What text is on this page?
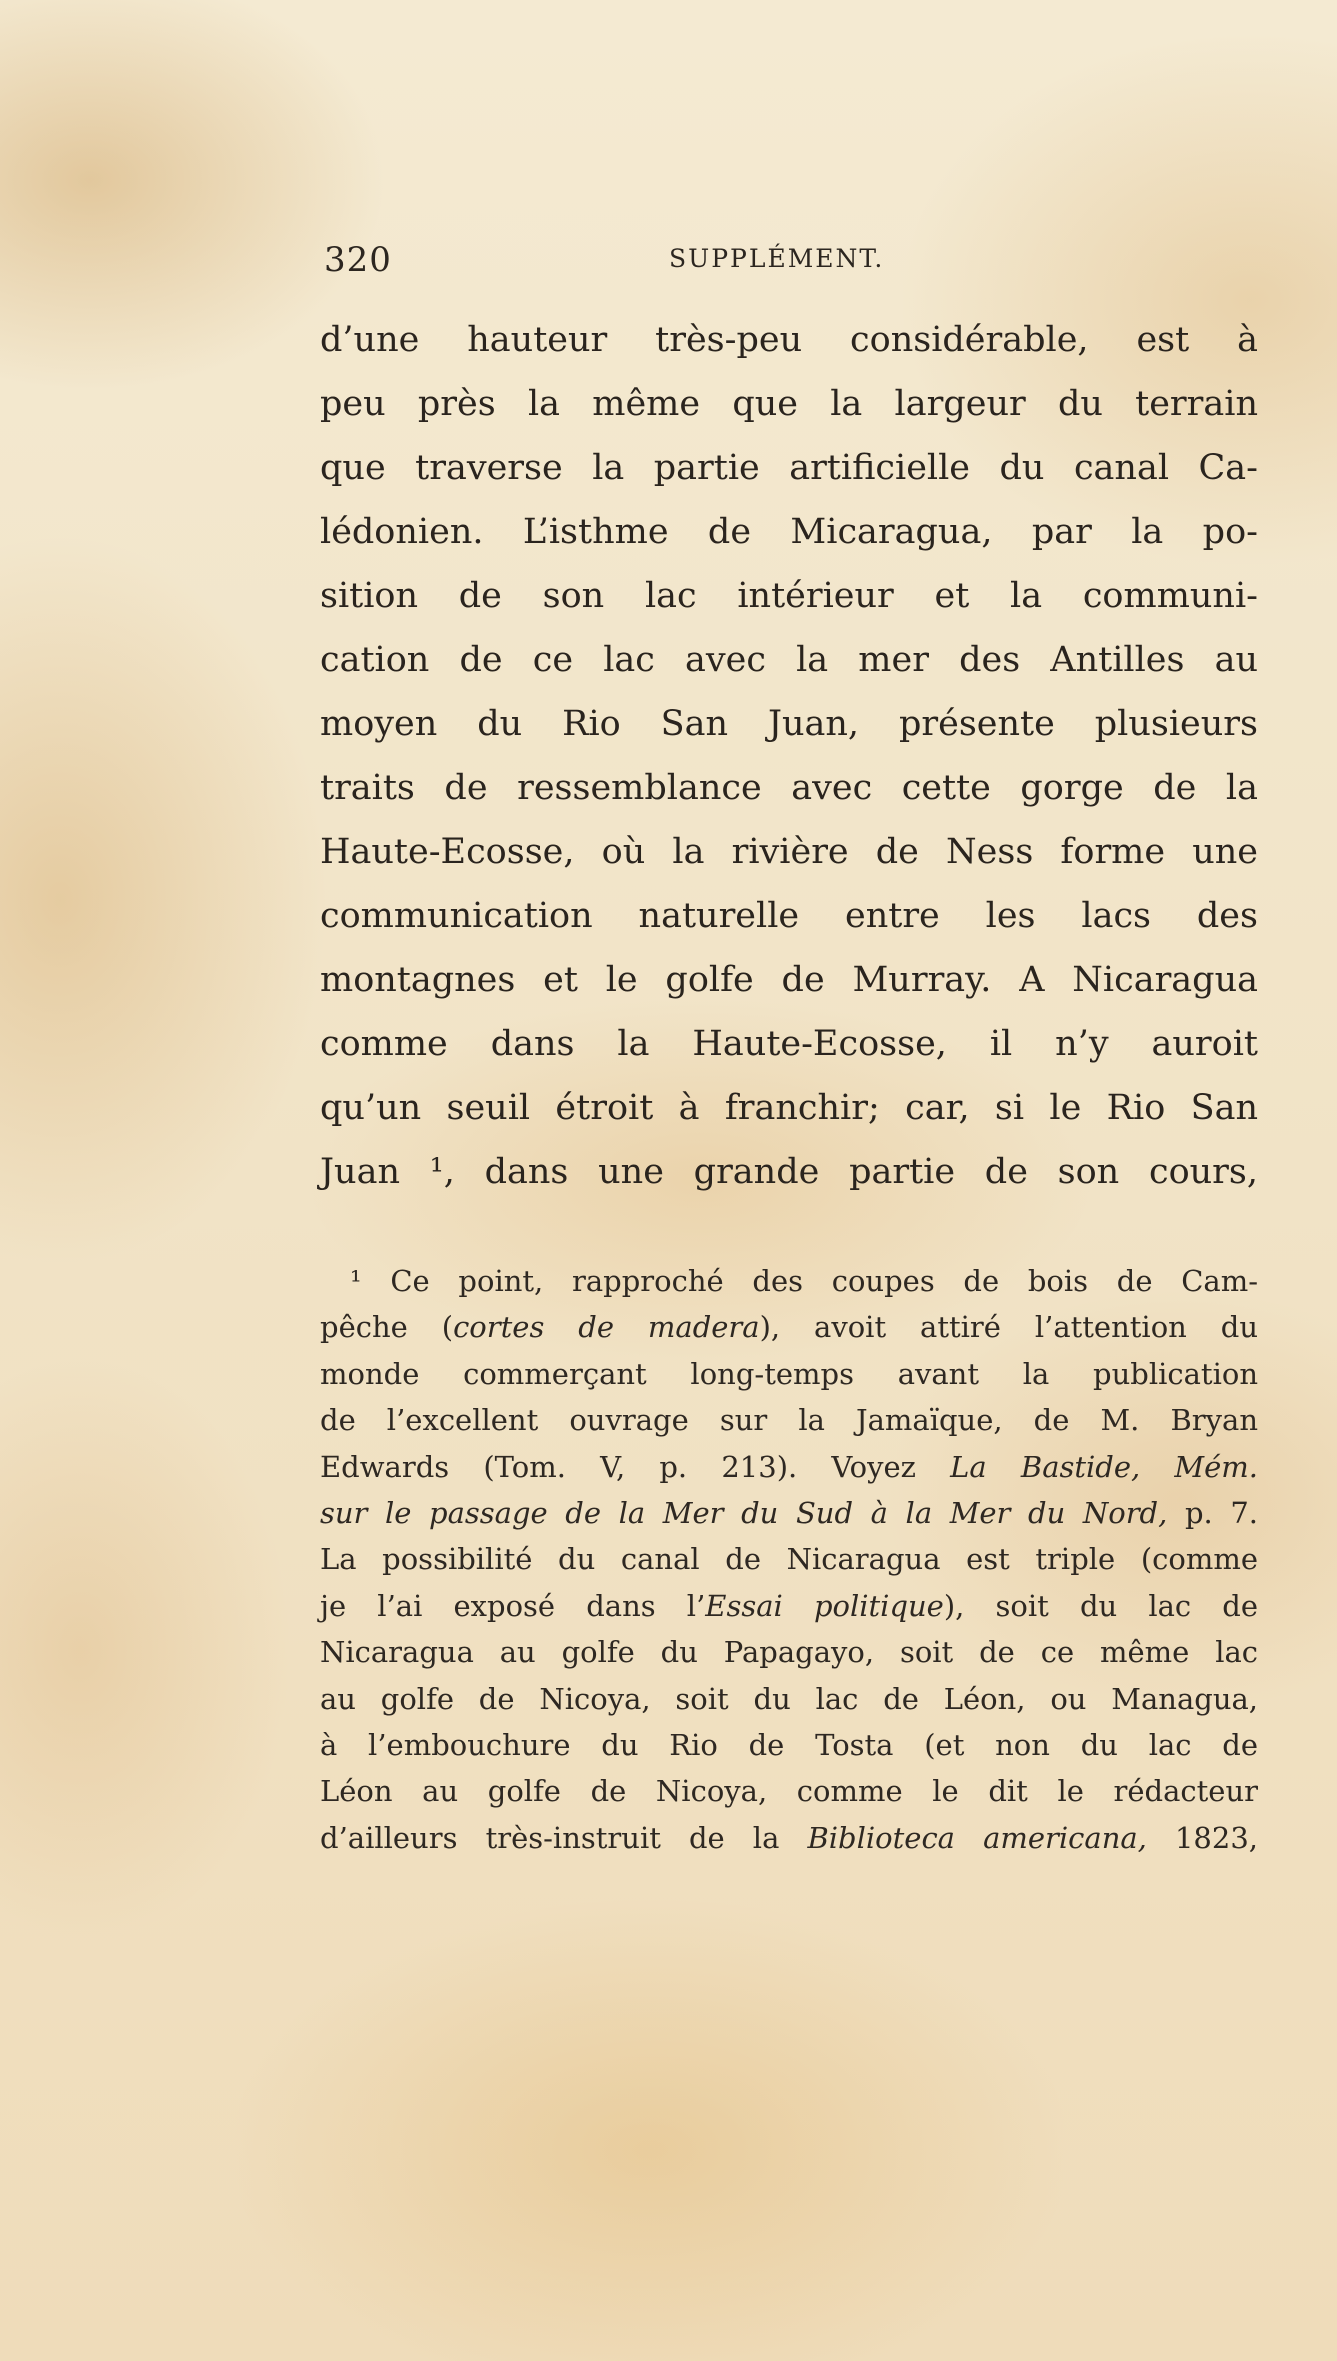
320	SUPPLÉMENT.
d’une hauteur très-peu considérable, est à
peu près la même que la largeur du terrain
que traverse la partie artificielle du canal Ca-
lédonien. L’isthme de Micaragua, par la po-
sition de son lac intérieur et la communi-
cation de ce lac avec la mer des Antilles au
moyen du Rio San Juan, présente plusieurs
traits de ressemblance avec cette gorge de la
Haute-Ecosse, où la rivière de Ness forme une
communication naturelle entre les lacs des
montagnes et le golfe de Murray. A Nicaragua
comme dans la Haute-Ecosse, il n’y auroit
qu’un seuil étroit à franchir; car, si le Rio San
Juan ¹, dans une grande partie de son cours,
¹ Ce point, rapproché des coupes de bois de Cam-
pêche (cortes de madera), avoit attiré l’attention du
monde commerçant long-temps avant la publication
de l’excellent ouvrage sur la Jamaïque, de M. Bryan
Edwards (Tom. V, p. 213). Voyez La Bastide, Mém.
sur le passage de la Mer du Sud à la Mer du Nord, p. 7.
La possibilité du canal de Nicaragua est triple (comme
je l’ai exposé dans l’Essai politique), soit du lac de
Nicaragua au golfe du Papagayo, soit de ce même lac
au golfe de Nicoya, soit du lac de Léon, ou Managua,
à l’embouchure du Rio de Tosta (et non du lac de
Léon au golfe de Nicoya, comme le dit le rédacteur
d’ailleurs très-instruit de la Biblioteca americana, 1823,
